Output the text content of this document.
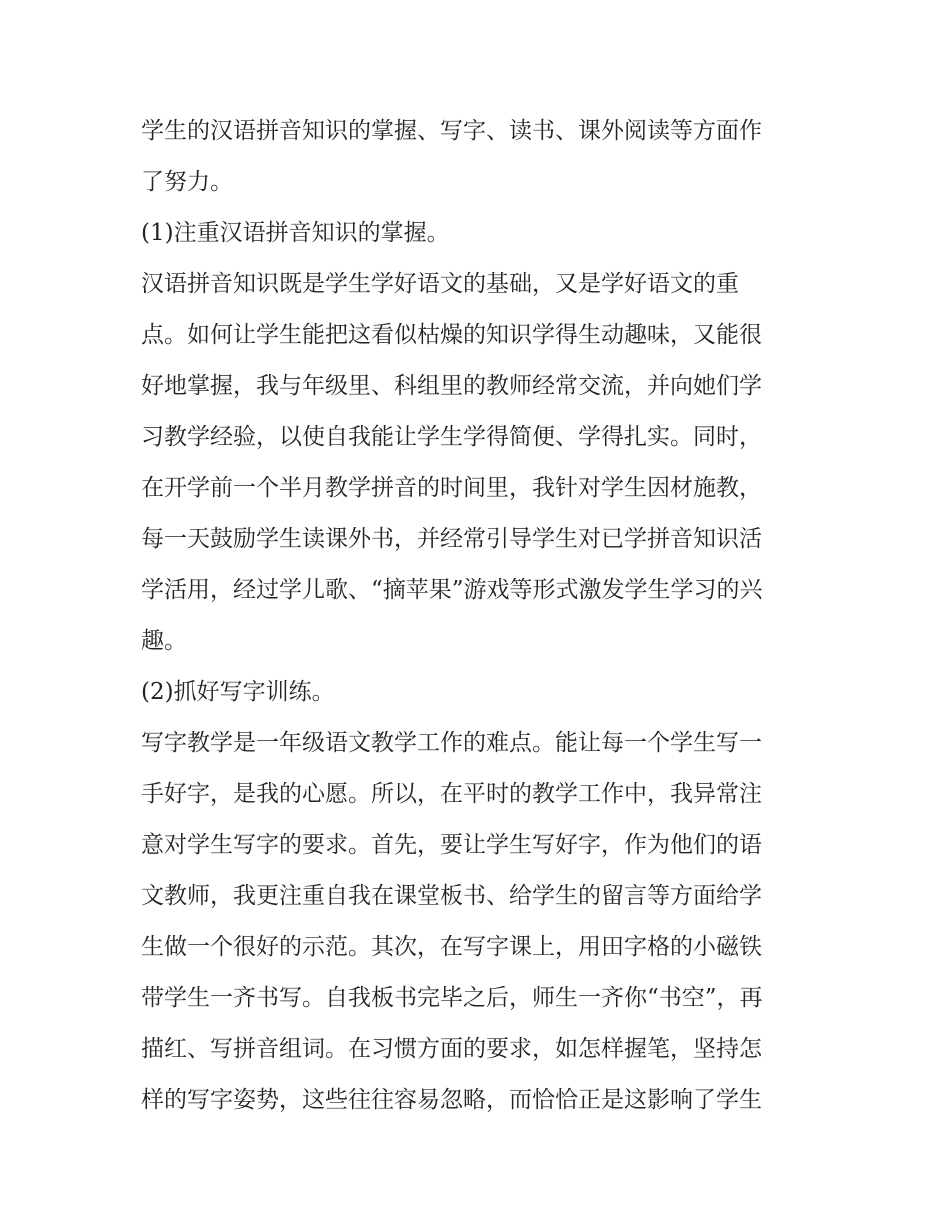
学生的汉语拼音知识的掌握、写字、读书、课外阅读等方面作
了努力。
(1)注重汉语拼音知识的掌握。
汉语拼音知识既是学生学好语文的基础，又是学好语文的重
点。如何让学生能把这看似枯燥的知识学得生动趣味，又能很
好地掌握，我与年级里、科组里的教师经常交流，并向她们学
习教学经验，以使自我能让学生学得简便、学得扎实。同时，
在开学前一个半月教学拼音的时间里，我针对学生因材施教，
每一天鼓励学生读课外书，并经常引导学生对已学拼音知识活
学活用，经过学儿歌、“摘苹果”游戏等形式激发学生学习的兴
趣。
(2)抓好写字训练。
写字教学是一年级语文教学工作的难点。能让每一个学生写一
手好字，是我的心愿。所以，在平时的教学工作中，我异常注
意对学生写字的要求。首先，要让学生写好字，作为他们的语
文教师，我更注重自我在课堂板书、给学生的留言等方面给学
生做一个很好的示范。其次，在写字课上，用田字格的小磁铁
带学生一齐书写。自我板书完毕之后，师生一齐你“书空”，再
描红、写拼音组词。在习惯方面的要求，如怎样握笔，坚持怎
样的写字姿势，这些往往容易忽略，而恰恰正是这影响了学生
